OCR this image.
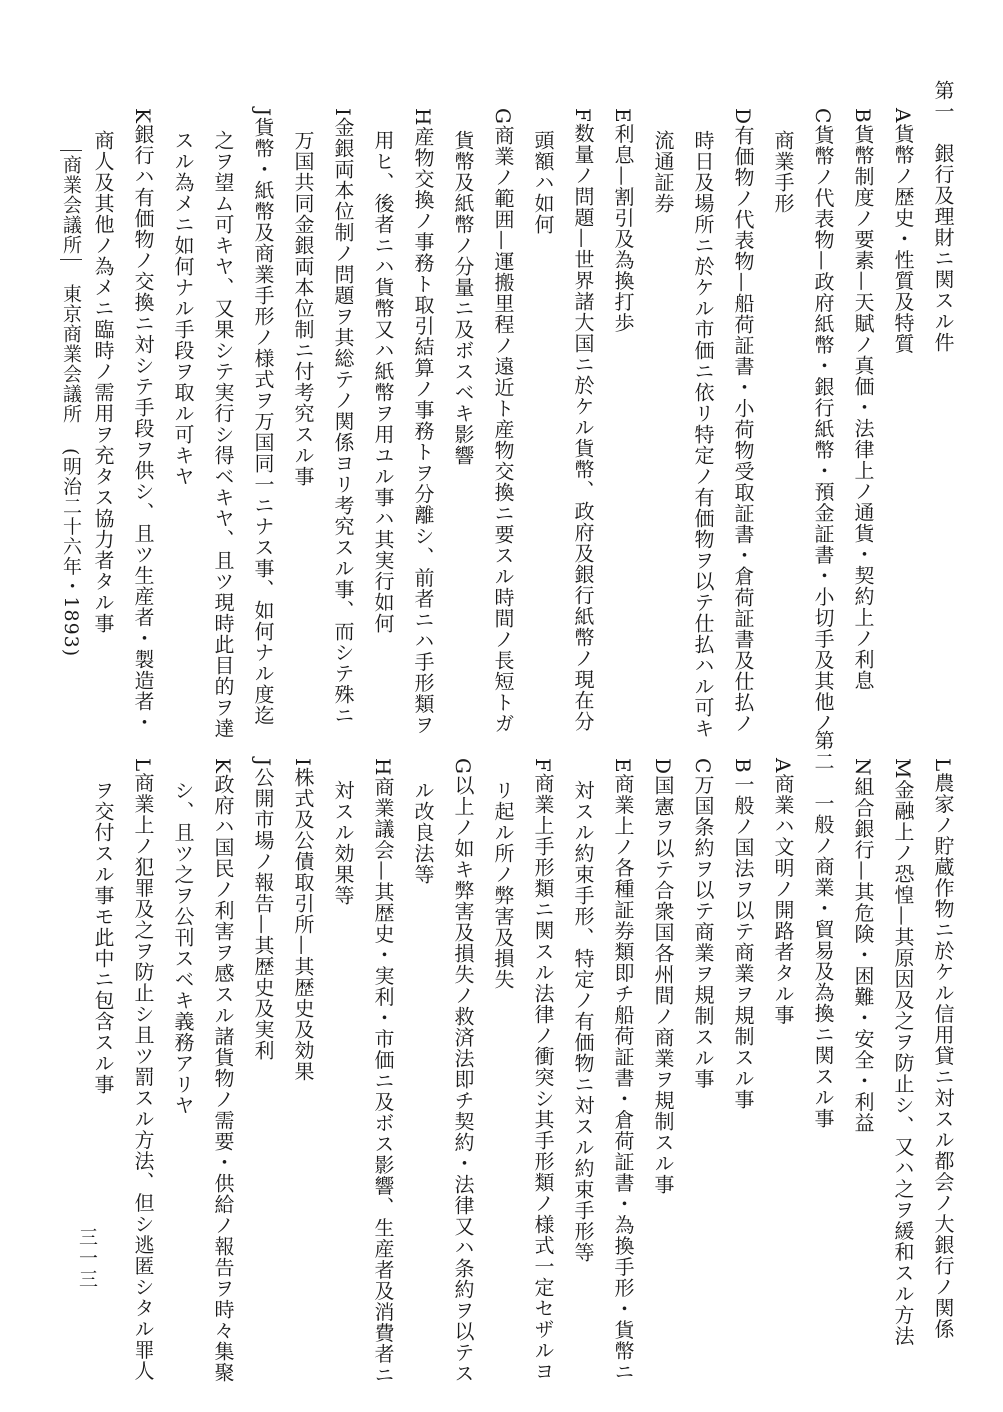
第一　銀行及理財ニ関スル件

A貨幣ノ歴史・性質及特質

B貨幣制度ノ要素—天賦ノ真価・法律上ノ通貨・契約上ノ利息

C貨幣ノ代表物—政府紙幣・銀行紙幣・預金証書・小切手及其他ノ

商業手形

D有価物ノ代表物—船荷証書・小荷物受取証書・倉荷証書及仕払ノ

時日及場所ニ於ケル市価ニ依リ特定ノ有価物ヲ以テ仕払ハル可キ

流通証券

E利息—割引及為換打歩

F数量ノ問題—世界諸大国ニ於ケル貨幣、政府及銀行紙幣ノ現在分

頭額ハ如何

G商業ノ範囲—運搬里程ノ遠近ト産物交換ニ要スル時間ノ長短トガ

貨幣及紙幣ノ分量ニ及ボスベキ影響

H産物交換ノ事務ト取引結算ノ事務トヲ分離シ、前者ニハ手形類ヲ

用ヒ、後者ニハ貨幣又ハ紙幣ヲ用ユル事ハ其実行如何

I金銀両本位制ノ問題ヲ其総テノ関係ヨリ考究スル事、而シテ殊ニ

万国共同金銀両本位制ニ付考究スル事

J貨幣・紙幣及商業手形ノ様式ヲ万国同一ニナス事、如何ナル度迄

之ヲ望ム可キヤ、又果シテ実行シ得ベキヤ、且ツ現時此目的ヲ達

スル為メニ如何ナル手段ヲ取ル可キヤ

K銀行ハ有価物ノ交換ニ対シテ手段ヲ供シ、且ツ生産者・製造者・

商人及其他ノ為メニ臨時ノ需用ヲ充タス協力者タル事

L農家ノ貯蔵作物ニ於ケル信用貸ニ対スル都会ノ大銀行ノ関係

M金融上ノ恐惶—其原因及之ヲ防止シ、又ハ之ヲ緩和スル方法

N組合銀行—其危険・困難・安全・利益

第二　一般ノ商業・貿易及為換ニ関スル事

A商業ハ文明ノ開路者タル事

B一般ノ国法ヲ以テ商業ヲ規制スル事

C万国条約ヲ以テ商業ヲ規制スル事

D国憲ヲ以テ合衆国各州間ノ商業ヲ規制スル事

E商業上ノ各種証券類即チ船荷証書・倉荷証書・為換手形・貨幣ニ

対スル約束手形、特定ノ有価物ニ対スル約束手形等

F商業上手形類ニ関スル法律ノ衝突シ其手形類ノ様式一定セザルヨ

リ起ル所ノ弊害及損失

G以上ノ如キ弊害及損失ノ救済法即チ契約・法律又ハ条約ヲ以テス

ル改良法等

H商業議会—其歴史・実利・市価ニ及ボス影響、生産者及消費者ニ

対スル効果等

I株式及公債取引所—其歴史及効果

J公開市場ノ報告—其歴史及実利

K政府ハ国民ノ利害ヲ感スル諸貨物ノ需要・供給ノ報告ヲ時々集聚

シ、且ツ之ヲ公刊スベキ義務アリヤ

L商業上ノ犯罪及之ヲ防止シ且ツ罰スル方法、但シ逃匿シタル罪人

ヲ交付スル事モ此中ニ包含スル事

商業会議所東京商業会議所(明治二十六年・1893)
三一三
